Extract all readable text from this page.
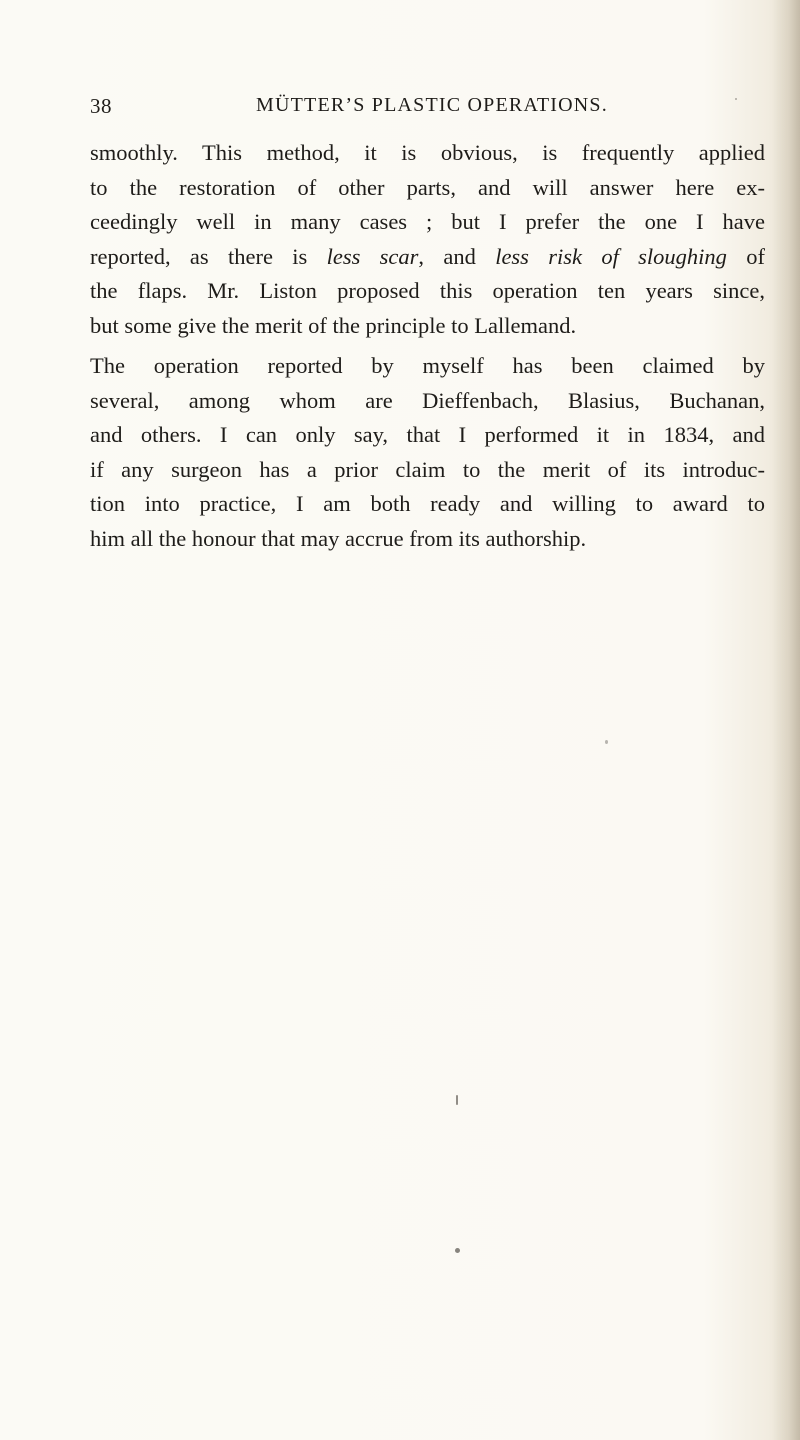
38	MÜTTER’S PLASTIC OPERATIONS.

smoothly. This method, it is obvious, is frequently applied
to the restoration of other parts, and will answer here ex-
ceedingly well in many cases ; but I prefer the one I have
reported, as there is less scar, and less risk of sloughing of
the flaps. Mr. Liston proposed this operation ten years since,
but some give the merit of the principle to Lallemand.

The operation reported by myself has been claimed by
several, among whom are Dieffenbach, Blasius, Buchanan,
and others. I can only say, that I performed it in 1834, and
if any surgeon has a prior claim to the merit of its introduc-
tion into practice, I am both ready and willing to award to
him all the honour that may accrue from its authorship.
